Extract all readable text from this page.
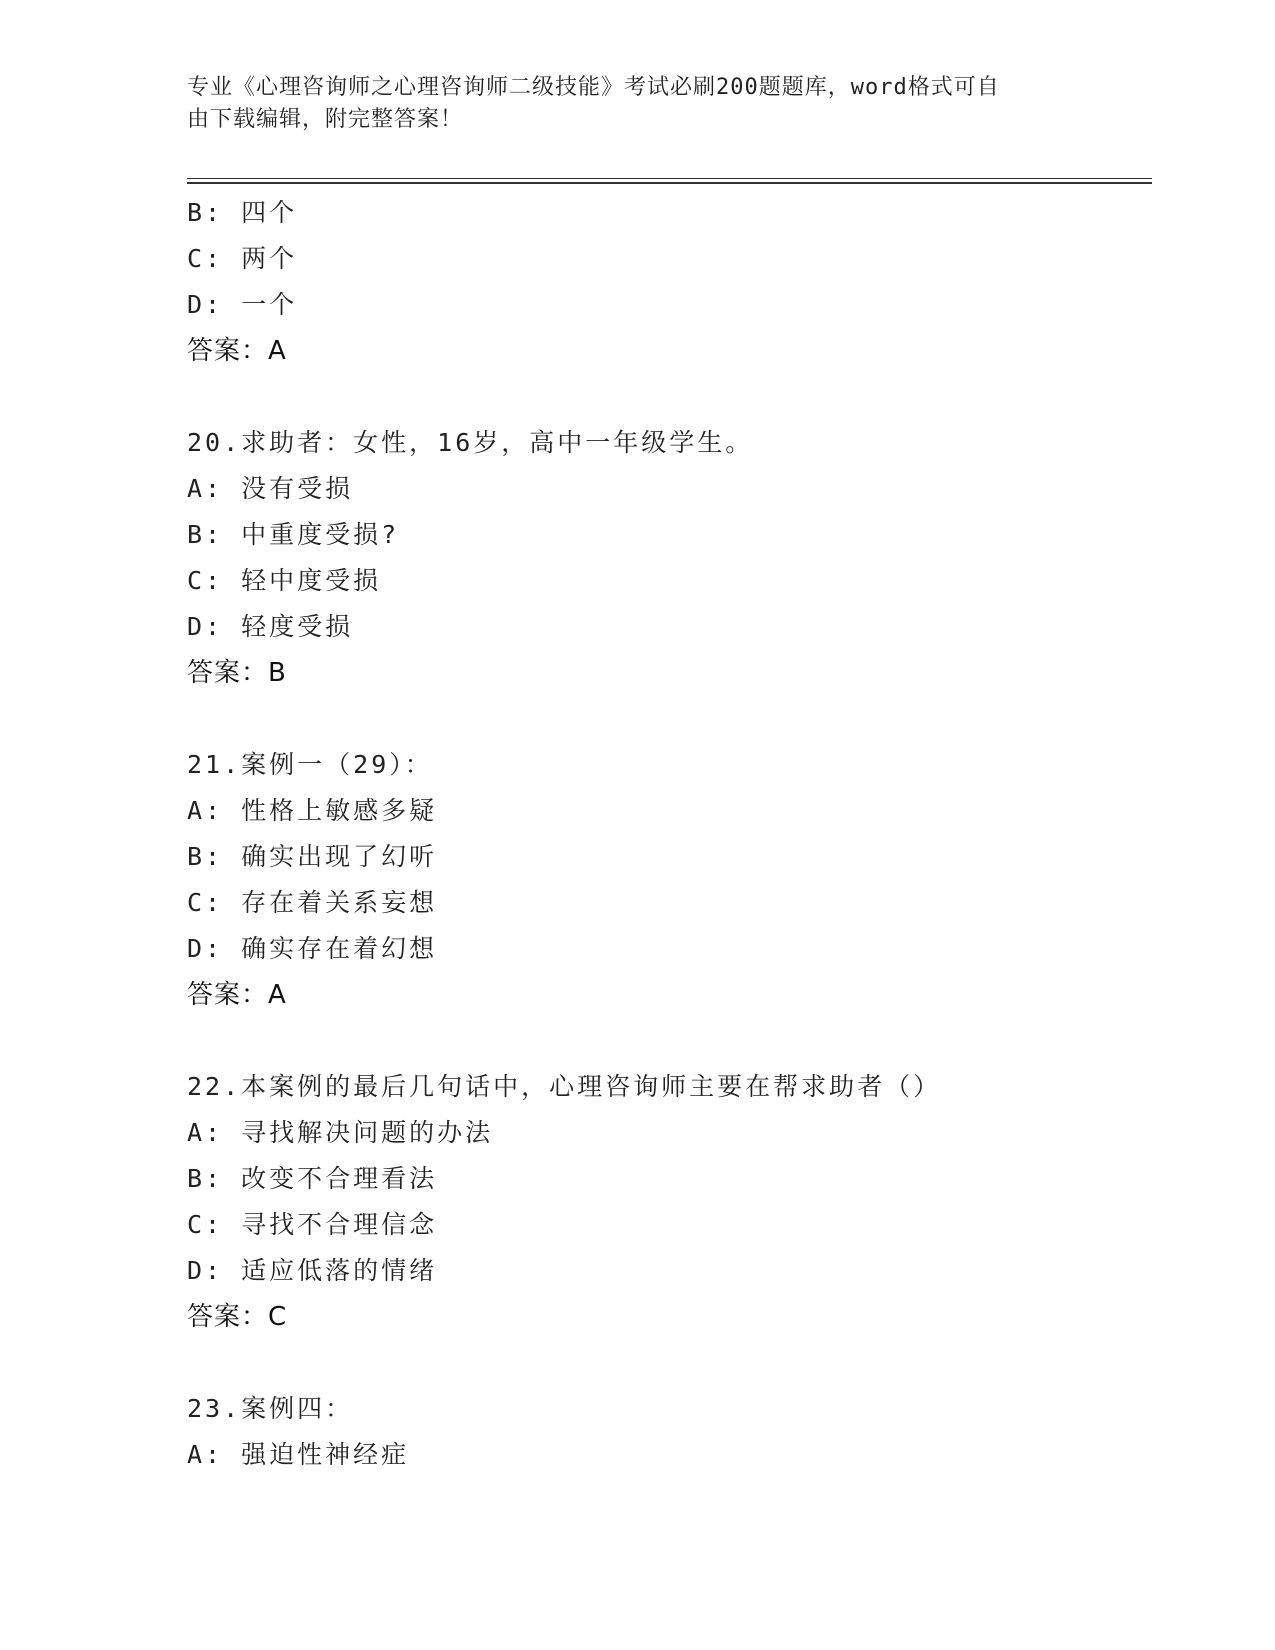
专业《心理咨询师之心理咨询师二级技能》考试必刷200题题库，word格式可自
由下载编辑，附完整答案！
B: 四个
C: 两个
D: 一个
答案：A
20.求助者：女性，16岁，高中一年级学生。
A: 没有受损
B: 中重度受损?
C: 轻中度受损
D: 轻度受损
答案：B
21.案例一（29）：
A: 性格上敏感多疑
B: 确实出现了幻听
C: 存在着关系妄想
D: 确实存在着幻想
答案：A
22.本案例的最后几句话中，心理咨询师主要在帮求助者（）
A: 寻找解决问题的办法
B: 改变不合理看法
C: 寻找不合理信念
D: 适应低落的情绪
答案：C
23.案例四：
A: 强迫性神经症
